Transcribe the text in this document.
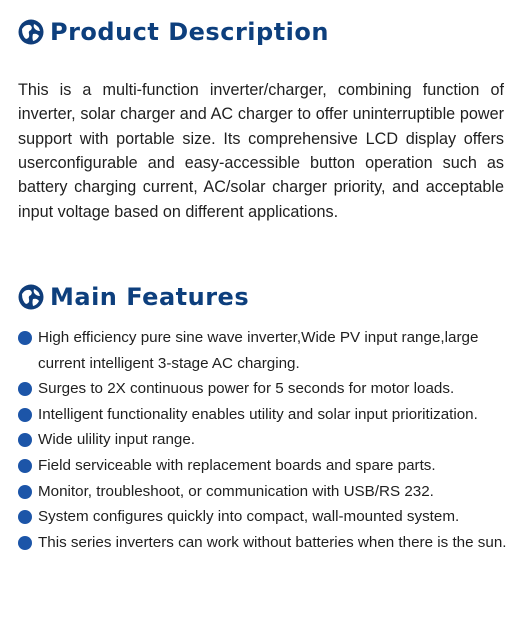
Product Description

This is a multi-function inverter/charger, combining function of inverter, solar charger and AC charger to offer uninterruptible power support with portable size. Its comprehensive LCD display offers userconfigurable and easy-accessible button operation such as battery charging current, AC/solar charger priority, and acceptable input voltage based on different applications.

Main Features
High efficiency pure sine wave inverter,Wide PV input range,large current intelligent 3-stage AC charging.
Surges to 2X continuous power for 5 seconds for motor loads.
Intelligent functionality enables utility and solar input prioritization.
Wide ulility input range.
Field serviceable with replacement boards and spare parts.
Monitor, troubleshoot, or communication with USB/RS 232.
System configures quickly into compact, wall-mounted system.
This series inverters can work without batteries when there is the sun.
